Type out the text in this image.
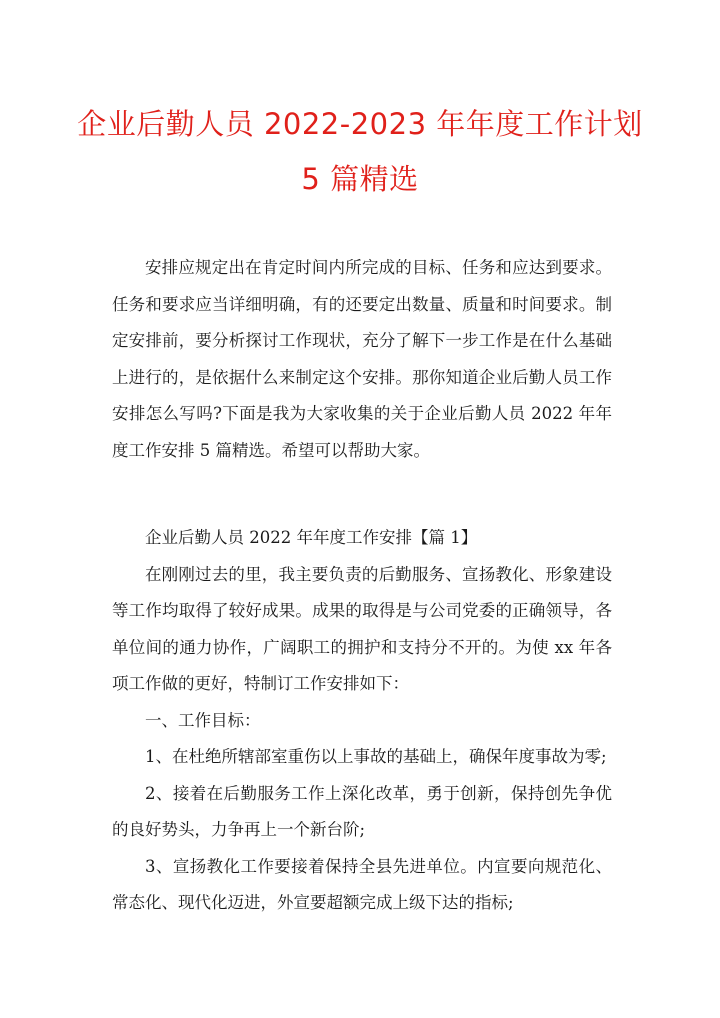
企业后勤人员 2022-2023 年年度工作计划
5 篇精选

安排应规定出在肯定时间内所完成的目标、任务和应达到要求。任务和要求应当详细明确，有的还要定出数量、质量和时间要求。制定安排前，要分析探讨工作现状，充分了解下一步工作是在什么基础上进行的，是依据什么来制定这个安排。那你知道企业后勤人员工作安排怎么写吗?下面是我为大家收集的关于企业后勤人员 2022 年年度工作安排 5 篇精选。希望可以帮助大家。

企业后勤人员 2022 年年度工作安排【篇 1】

在刚刚过去的里，我主要负责的后勤服务、宣扬教化、形象建设等工作均取得了较好成果。成果的取得是与公司党委的正确领导，各单位间的通力协作，广阔职工的拥护和支持分不开的。为使 xx 年各项工作做的更好，特制订工作安排如下：

一、工作目标：

1、在杜绝所辖部室重伤以上事故的基础上，确保年度事故为零;

2、接着在后勤服务工作上深化改革，勇于创新，保持创先争优的良好势头，力争再上一个新台阶;

3、宣扬教化工作要接着保持全县先进单位。内宣要向规范化、常态化、现代化迈进，外宣要超额完成上级下达的指标;
